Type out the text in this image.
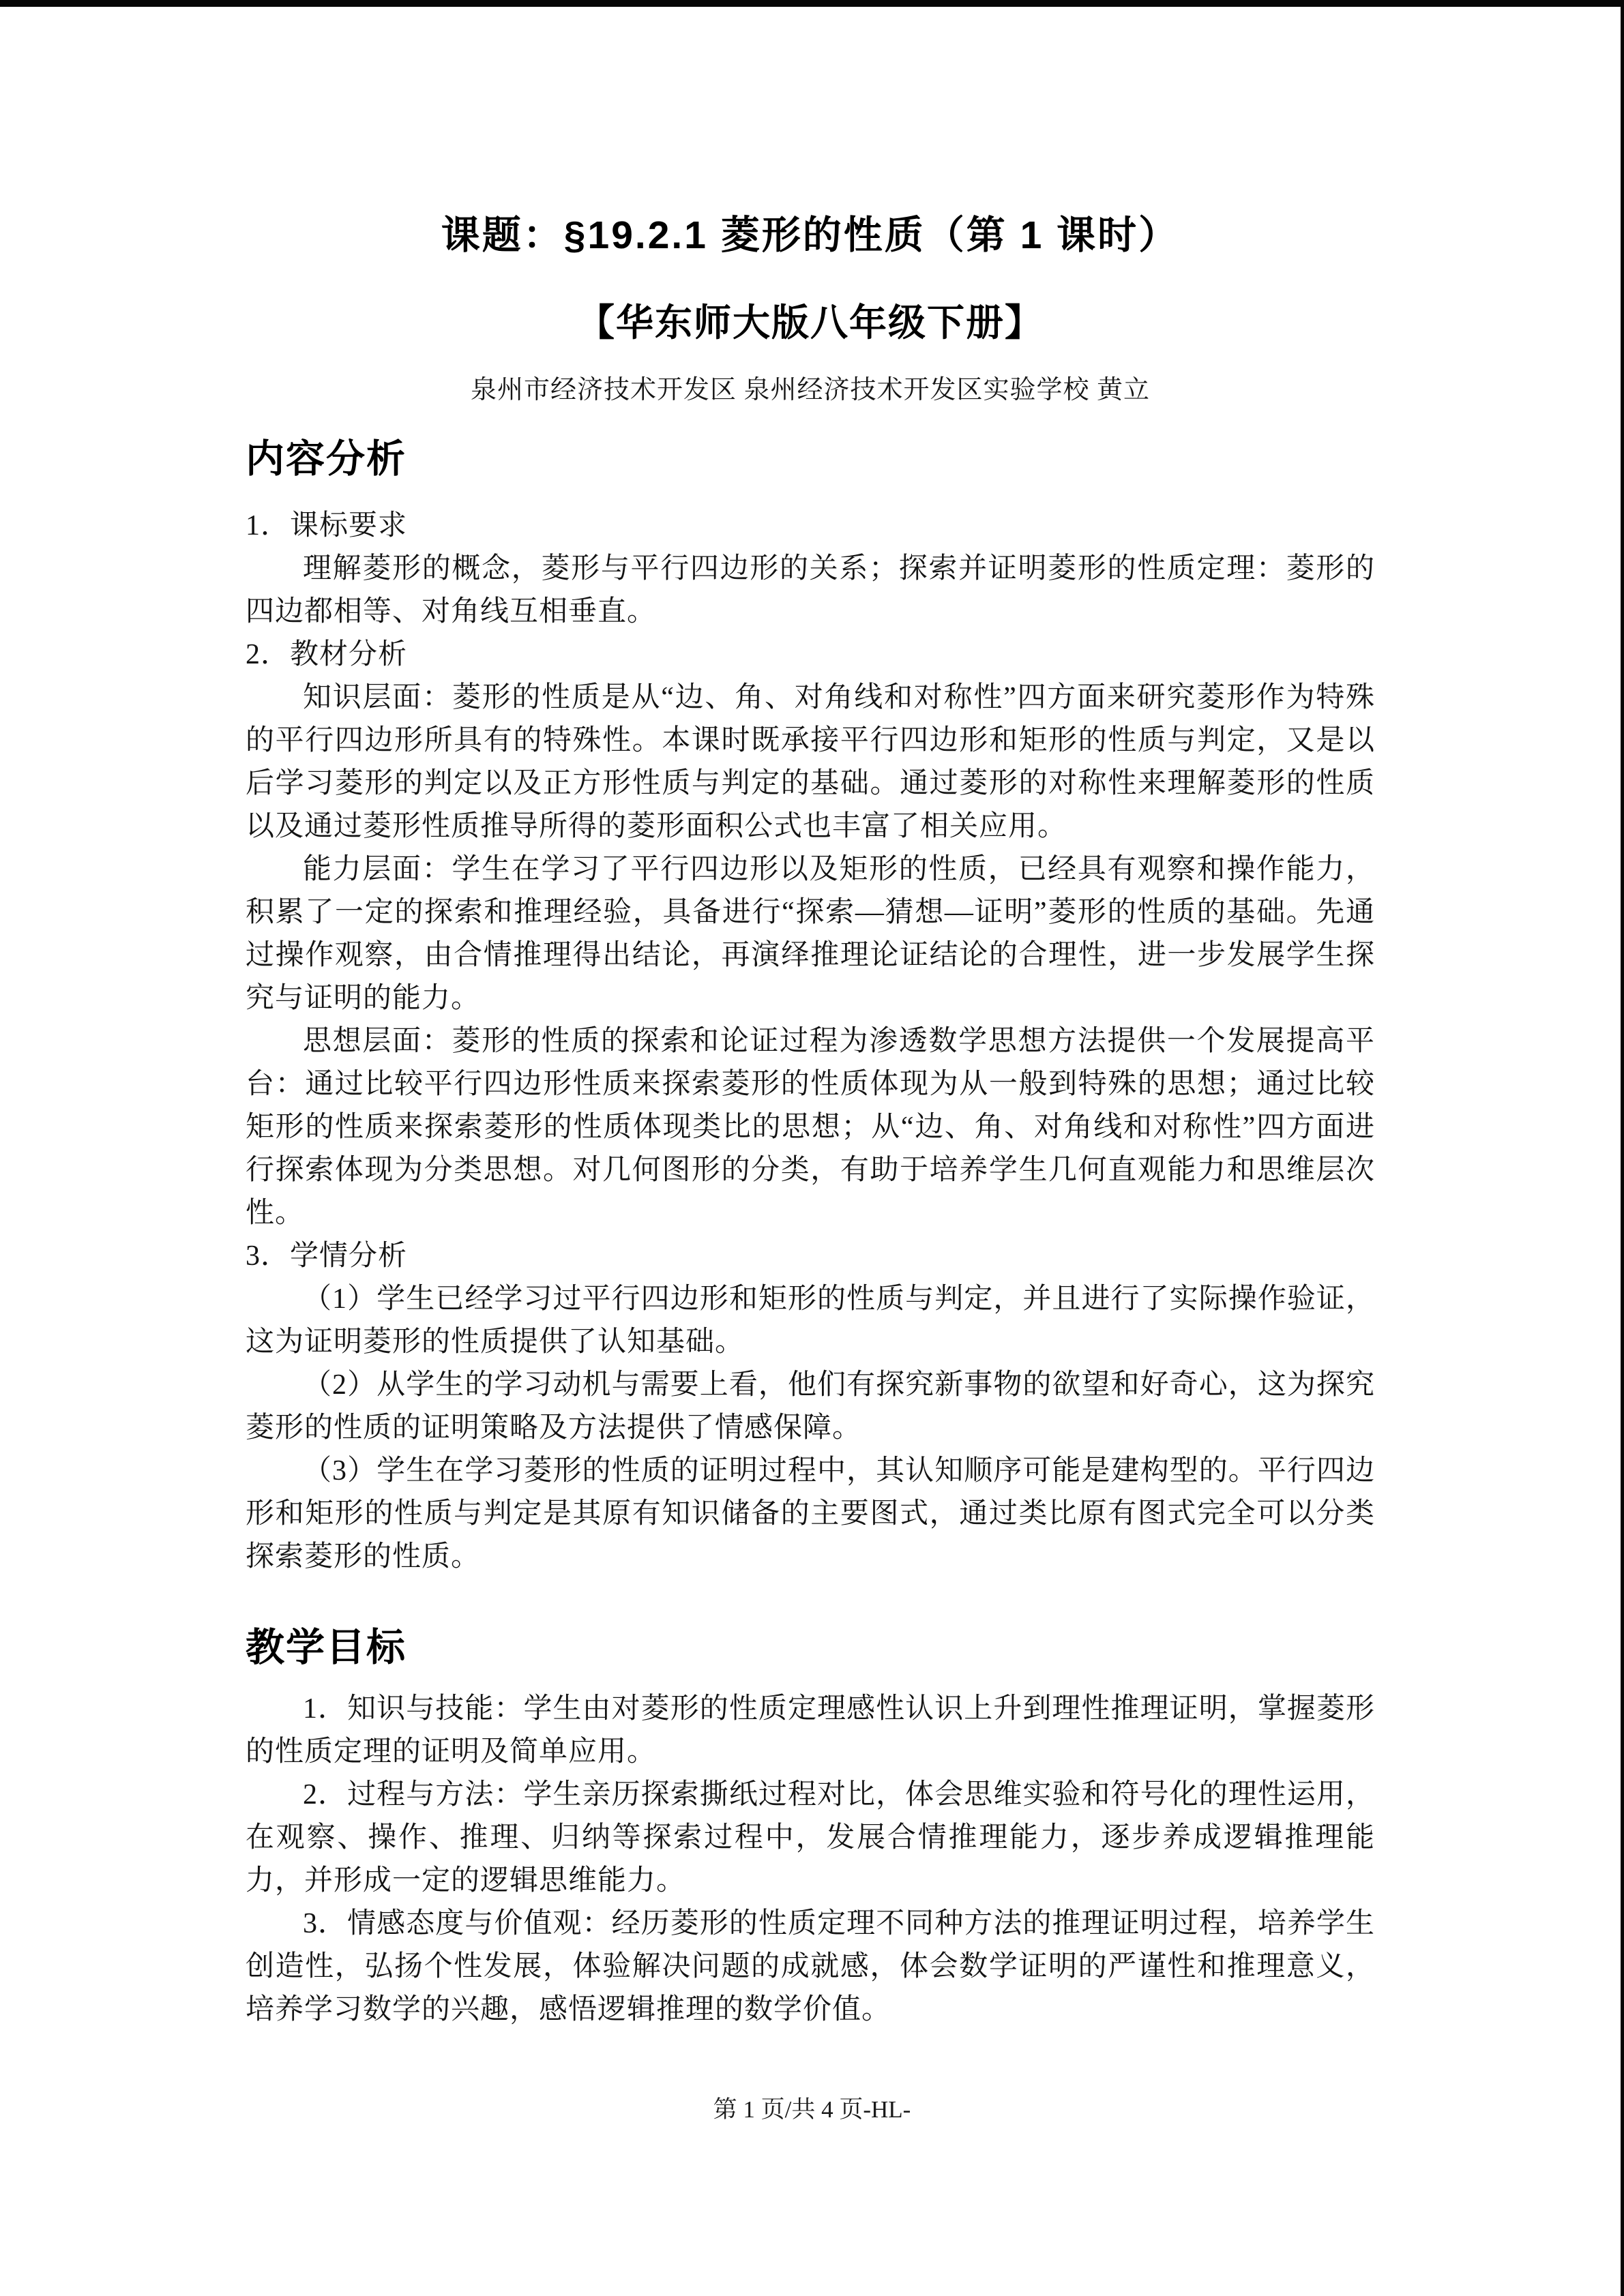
课题：§19.2.1 菱形的性质（第 1 课时）
【华东师大版八年级下册】
泉州市经济技术开发区 泉州经济技术开发区实验学校 黄立
内容分析

1．课标要求

理解菱形的概念，菱形与平行四边形的关系；探索并证明菱形的性质定理：菱形的四边都相等、对角线互相垂直。

2．教材分析

知识层面：菱形的性质是从“边、角、对角线和对称性”四方面来研究菱形作为特殊的平行四边形所具有的特殊性。本课时既承接平行四边形和矩形的性质与判定，又是以后学习菱形的判定以及正方形性质与判定的基础。通过菱形的对称性来理解菱形的性质以及通过菱形性质推导所得的菱形面积公式也丰富了相关应用。

能力层面：学生在学习了平行四边形以及矩形的性质，已经具有观察和操作能力，积累了一定的探索和推理经验，具备进行“探索—猜想—证明”菱形的性质的基础。先通过操作观察，由合情推理得出结论，再演绎推理论证结论的合理性，进一步发展学生探究与证明的能力。

思想层面：菱形的性质的探索和论证过程为渗透数学思想方法提供一个发展提高平台：通过比较平行四边形性质来探索菱形的性质体现为从一般到特殊的思想；通过比较矩形的性质来探索菱形的性质体现类比的思想；从“边、角、对角线和对称性”四方面进行探索体现为分类思想。对几何图形的分类，有助于培养学生几何直观能力和思维层次性。

3．学情分析

（1）学生已经学习过平行四边形和矩形的性质与判定，并且进行了实际操作验证，这为证明菱形的性质提供了认知基础。

（2）从学生的学习动机与需要上看，他们有探究新事物的欲望和好奇心，这为探究菱形的性质的证明策略及方法提供了情感保障。

（3）学生在学习菱形的性质的证明过程中，其认知顺序可能是建构型的。平行四边形和矩形的性质与判定是其原有知识储备的主要图式，通过类比原有图式完全可以分类探索菱形的性质。

教学目标

1．知识与技能：学生由对菱形的性质定理感性认识上升到理性推理证明，掌握菱形的性质定理的证明及简单应用。

2．过程与方法：学生亲历探索撕纸过程对比，体会思维实验和符号化的理性运用，在观察、操作、推理、归纳等探索过程中，发展合情推理能力，逐步养成逻辑推理能力，并形成一定的逻辑思维能力。

3．情感态度与价值观：经历菱形的性质定理不同种方法的推理证明过程，培养学生创造性，弘扬个性发展，体验解决问题的成就感，体会数学证明的严谨性和推理意义，培养学习数学的兴趣，感悟逻辑推理的数学价值。

第 1 页/共 4 页-HL-
